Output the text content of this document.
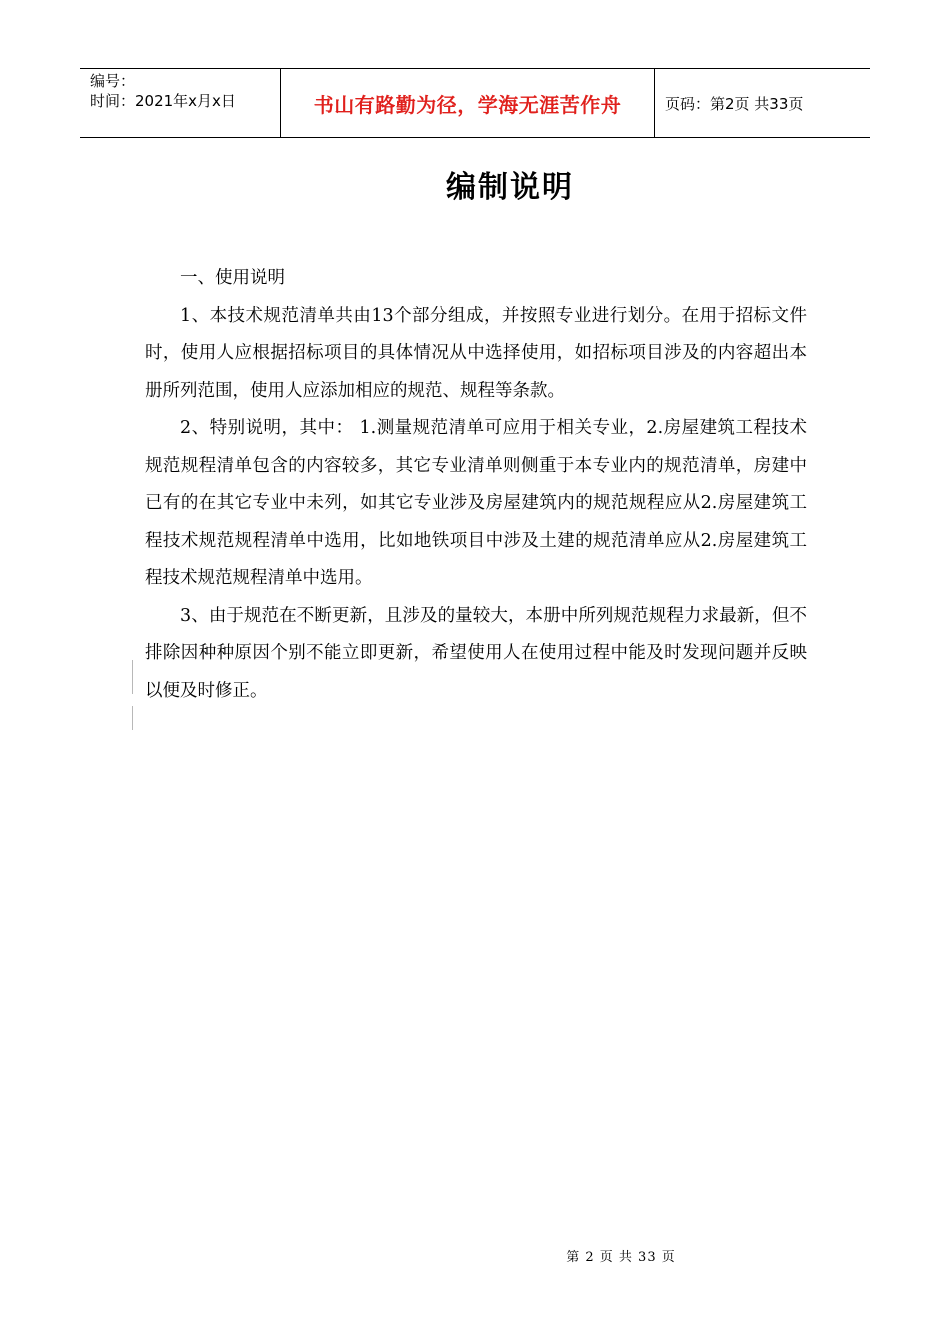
编号：
时间：2021年x月x日	书山有路勤为径，学海无涯苦作舟	页码：第2页 共33页
编制说明

一、使用说明

1、本技术规范清单共由13个部分组成，并按照专业进行划分。在用于招标文件时，使用人应根据招标项目的具体情况从中选择使用，如招标项目涉及的内容超出本册所列范围，使用人应添加相应的规范、规程等条款。

2、特别说明，其中： 1.测量规范清单可应用于相关专业，2.房屋建筑工程技术规范规程清单包含的内容较多，其它专业清单则侧重于本专业内的规范清单，房建中已有的在其它专业中未列，如其它专业涉及房屋建筑内的规范规程应从2.房屋建筑工程技术规范规程清单中选用，比如地铁项目中涉及土建的规范清单应从2.房屋建筑工程技术规范规程清单中选用。

3、由于规范在不断更新，且涉及的量较大，本册中所列规范规程力求最新，但不排除因种种原因个别不能立即更新，希望使用人在使用过程中能及时发现问题并反映以便及时修正。

第 2 页 共 33 页
